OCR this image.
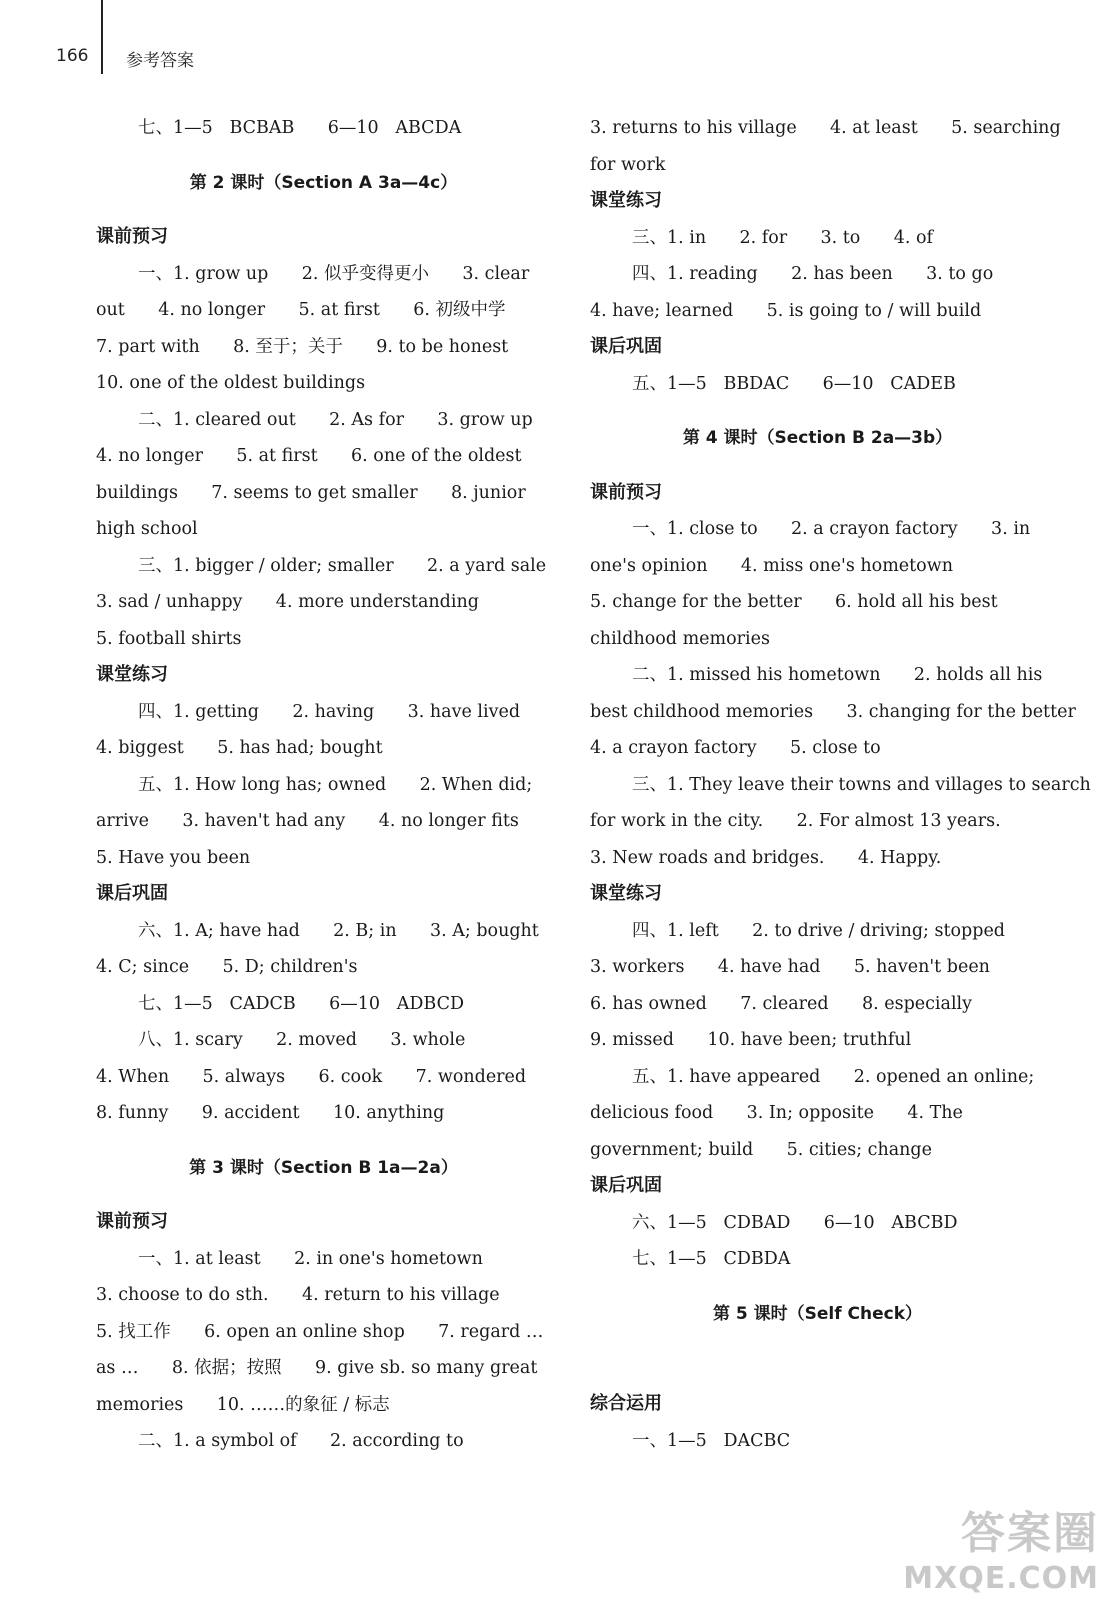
166 参考答案
七、1—5   BCBAB      6—10   ABCDA
第 2 课时（Section A 3a—4c）
课前预习
一、1. grow up      2. 似乎变得更小      3. clear
out      4. no longer      5. at first      6. 初级中学
7. part with      8. 至于；关于      9. to be honest
10. one of the oldest buildings
二、1. cleared out      2. As for      3. grow up
4. no longer      5. at first      6. one of the oldest
buildings      7. seems to get smaller      8. junior
high school
三、1. bigger / older; smaller      2. a yard sale
3. sad / unhappy      4. more understanding
5. football shirts
课堂练习
四、1. getting      2. having      3. have lived
4. biggest      5. has had; bought
五、1. How long has; owned      2. When did;
arrive      3. haven't had any      4. no longer fits
5. Have you been
课后巩固
六、1. A; have had      2. B; in      3. A; bought
4. C; since      5. D; children's
七、1—5   CADCB      6—10   ADBCD
八、1. scary      2. moved      3. whole
4. When      5. always      6. cook      7. wondered
8. funny      9. accident      10. anything
第 3 课时（Section B 1a—2a）
课前预习
一、1. at least      2. in one's hometown
3. choose to do sth.      4. return to his village
5. 找工作      6. open an online shop      7. regard …
as …      8. 依据；按照      9. give sb. so many great
memories      10. ……的象征 / 标志
二、1. a symbol of      2. according to
3. returns to his village      4. at least      5. searching
for work
课堂练习
三、1. in      2. for      3. to      4. of
四、1. reading      2. has been      3. to go
4. have; learned      5. is going to / will build
课后巩固
五、1—5   BBDAC      6—10   CADEB
第 4 课时（Section B 2a—3b）
课前预习
一、1. close to      2. a crayon factory      3. in
one's opinion      4. miss one's hometown
5. change for the better      6. hold all his best
childhood memories
二、1. missed his hometown      2. holds all his
best childhood memories      3. changing for the better
4. a crayon factory      5. close to
三、1. They leave their towns and villages to search
for work in the city.      2. For almost 13 years.
3. New roads and bridges.      4. Happy.
课堂练习
四、1. left      2. to drive / driving; stopped
3. workers      4. have had      5. haven't been
6. has owned      7. cleared      8. especially
9. missed      10. have been; truthful
五、1. have appeared      2. opened an online;
delicious food      3. In; opposite      4. The
government; build      5. cities; change
课后巩固
六、1—5   CDBAD      6—10   ABCBD
七、1—5   CDBDA
第 5 课时（Self Check）
综合运用
一、1—5   DACBC
答案圈
MXQE.COM
